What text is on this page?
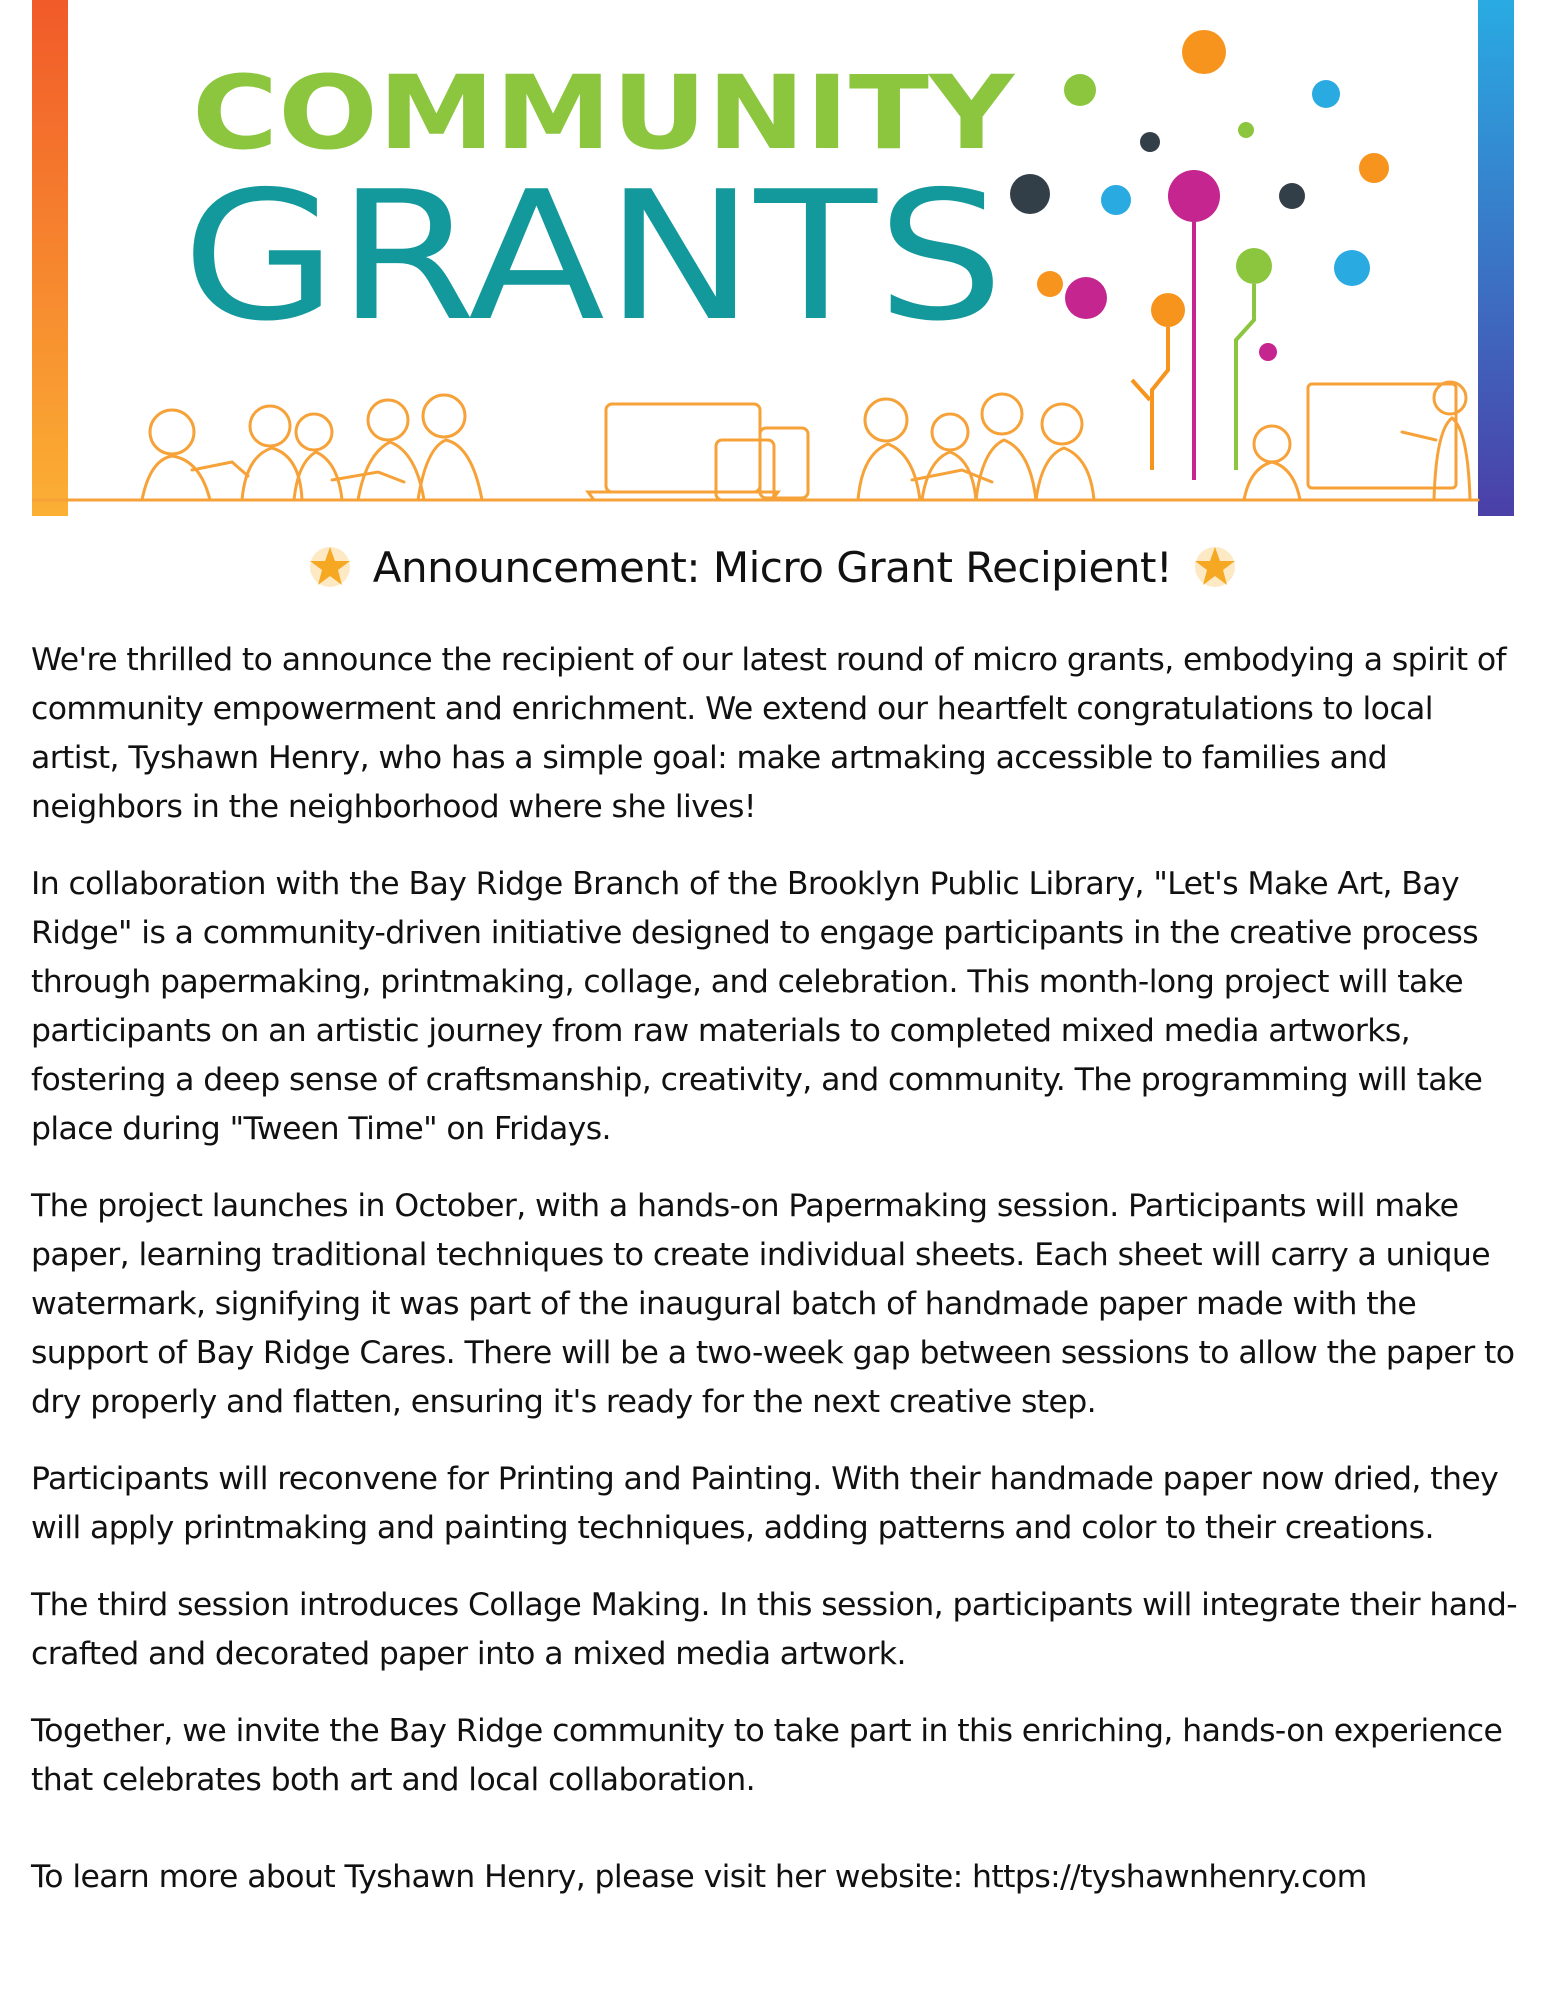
COMMUNITY
GRANTS
Announcement: Micro Grant Recipient!

We're thrilled to announce the recipient of our latest round of micro grants, embodying a spirit of community empowerment and enrichment. We extend our heartfelt congratulations to local artist, Tyshawn Henry, who has a simple goal: make artmaking accessible to families and neighbors in the neighborhood where she lives!

In collaboration with the Bay Ridge Branch of the Brooklyn Public Library, "Let's Make Art, Bay Ridge" is a community-driven initiative designed to engage participants in the creative process through papermaking, printmaking, collage, and celebration. This month-long project will take participants on an artistic journey from raw materials to completed mixed media artworks, fostering a deep sense of craftsmanship, creativity, and community. The programming will take place during "Tween Time" on Fridays.

The project launches in October, with a hands-on Papermaking session. Participants will make paper, learning traditional techniques to create individual sheets. Each sheet will carry a unique watermark, signifying it was part of the inaugural batch of handmade paper made with the support of Bay Ridge Cares. There will be a two-week gap between sessions to allow the paper to dry properly and flatten, ensuring it's ready for the next creative step.

Participants will reconvene for Printing and Painting. With their handmade paper now dried, they will apply printmaking and painting techniques, adding patterns and color to their creations.

The third session introduces Collage Making. In this session, participants will integrate their hand-crafted and decorated paper into a mixed media artwork.

Together, we invite the Bay Ridge community to take part in this enriching, hands-on experience that celebrates both art and local collaboration.

To learn more about Tyshawn Henry, please visit her website: https://tyshawnhenry.com
